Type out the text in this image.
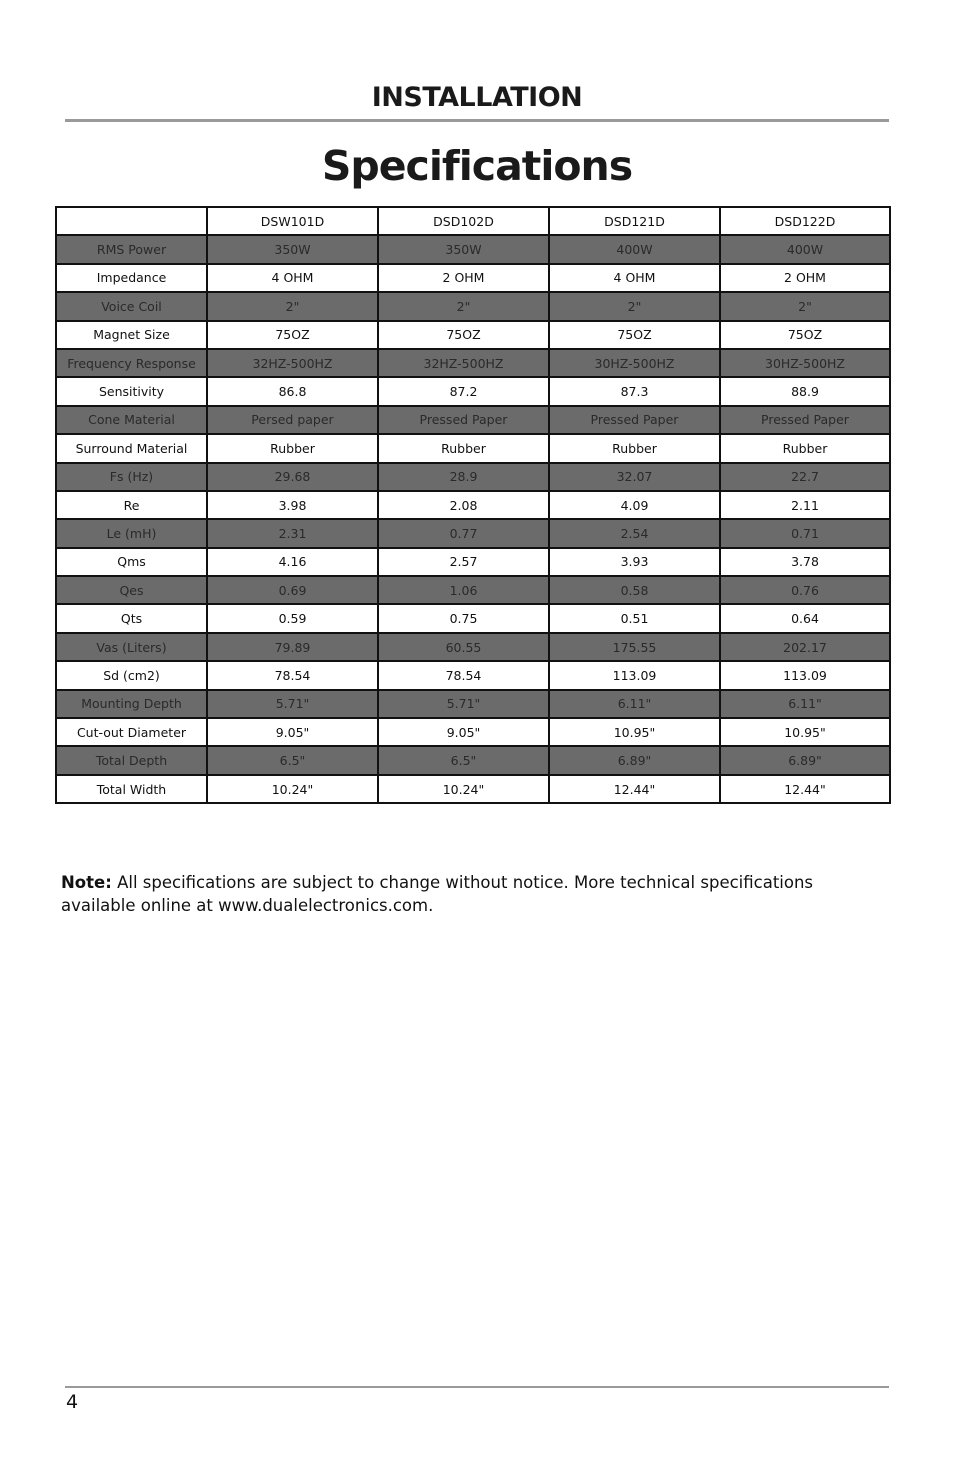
INSTALLATION
Specifications
	DSW101D	DSD102D	DSD121D	DSD122D
RMS Power	350W	350W	400W	400W
Impedance	4 OHM	2 OHM	4 OHM	2 OHM
Voice Coil	2"	2"	2"	2"
Magnet Size	75OZ	75OZ	75OZ	75OZ
Frequency Response	32HZ-500HZ	32HZ-500HZ	30HZ-500HZ	30HZ-500HZ
Sensitivity	86.8	87.2	87.3	88.9
Cone Material	Persed paper	Pressed Paper	Pressed Paper	Pressed Paper
Surround Material	Rubber	Rubber	Rubber	Rubber
Fs (Hz)	29.68	28.9	32.07	22.7
Re	3.98	2.08	4.09	2.11
Le (mH)	2.31	0.77	2.54	0.71
Qms	4.16	2.57	3.93	3.78
Qes	0.69	1.06	0.58	0.76
Qts	0.59	0.75	0.51	0.64
Vas (Liters)	79.89	60.55	175.55	202.17
Sd (cm2)	78.54	78.54	113.09	113.09
Mounting Depth	5.71"	5.71"	6.11"	6.11"
Cut-out Diameter	9.05"	9.05"	10.95"	10.95"
Total Depth	6.5"	6.5"	6.89"	6.89"
Total Width	10.24"	10.24"	12.44"	12.44"
Note: All specifications are subject to change without notice. More technical specifications available online at www.dualelectronics.com.
4
